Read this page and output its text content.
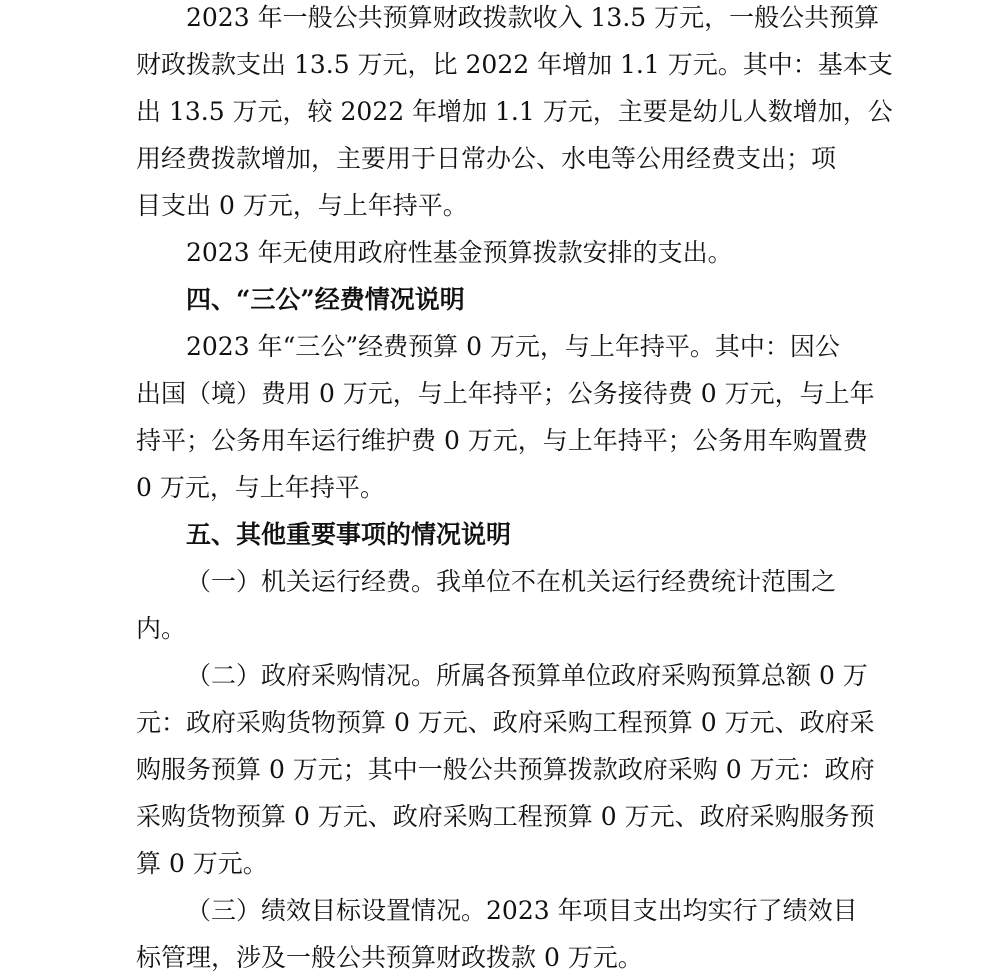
2023 年一般公共预算财政拨款收入 13.5 万元，一般公共预算
财政拨款支出 13.5 万元，比 2022 年增加 1.1 万元。其中：基本支
出 13.5 万元，较 2022 年增加 1.1 万元，主要是幼儿人数增加，公
用经费拨款增加，主要用于日常办公、水电等公用经费支出；项
目支出 0 万元，与上年持平。
2023 年无使用政府性基金预算拨款安排的支出。
四、“三公”经费情况说明
2023 年“三公”经费预算 0 万元，与上年持平。其中：因公
出国（境）费用 0 万元，与上年持平；公务接待费 0 万元，与上年
持平；公务用车运行维护费 0 万元，与上年持平；公务用车购置费
0 万元，与上年持平。
五、其他重要事项的情况说明
（一）机关运行经费。我单位不在机关运行经费统计范围之
内。
（二）政府采购情况。所属各预算单位政府采购预算总额 0 万
元：政府采购货物预算 0 万元、政府采购工程预算 0 万元、政府采
购服务预算 0 万元；其中一般公共预算拨款政府采购 0 万元：政府
采购货物预算 0 万元、政府采购工程预算 0 万元、政府采购服务预
算 0 万元。
（三）绩效目标设置情况。2023 年项目支出均实行了绩效目
标管理，涉及一般公共预算财政拨款 0 万元。
